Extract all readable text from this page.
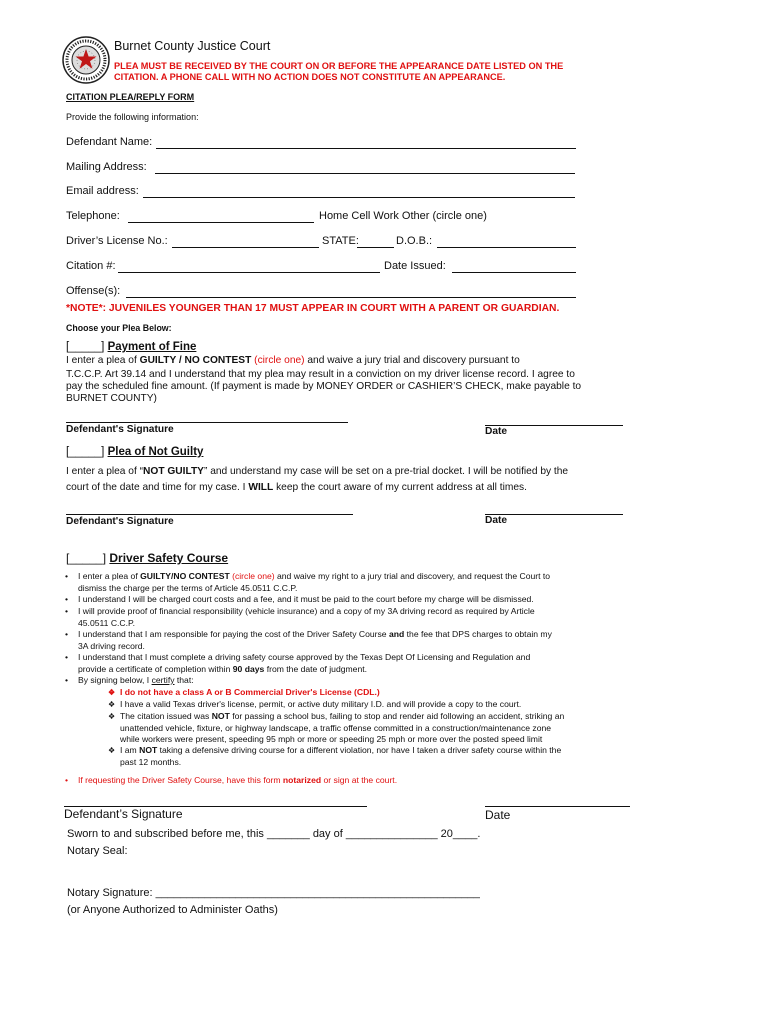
Burnet County Justice Court
PLEA MUST BE RECEIVED BY THE COURT ON OR BEFORE THE APPEARANCE DATE LISTED ON THE
CITATION. A PHONE CALL WITH NO ACTION DOES NOT CONSTITUTE AN APPEARANCE.
CITATION PLEA/REPLY FORM
Provide the following information:
Defendant Name:
Mailing Address:
Email address:
Telephone:	Home Cell Work Other (circle one)
Driver’s License No.:	STATE:	D.O.B.:
Citation #:	Date Issued:
Offense(s):
*NOTE*: JUVENILES YOUNGER THAN 17 MUST APPEAR IN COURT WITH A PARENT OR GUARDIAN.
Choose your Plea Below:
[_____] Payment of Fine
I enter a plea of GUILTY / NO CONTEST (circle one) and waive a jury trial and discovery pursuant to
T.C.C.P. Art 39.14 and I understand that my plea may result in a conviction on my driver license record. I agree to
pay the scheduled fine amount. (If payment is made by MONEY ORDER or CASHIER’S CHECK, make payable to
BURNET COUNTY)
Defendant's Signature	Date
[_____] Plea of Not Guilty
I enter a plea of “NOT GUILTY” and understand my case will be set on a pre-trial docket. I will be notified by the
court of the date and time for my case. I WILL keep the court aware of my current address at all times.
Defendant's Signature	Date
[_____] Driver Safety Course
• I enter a plea of GUILTY/NO CONTEST (circle one) and waive my right to a jury trial and discovery, and request the Court to
dismiss the charge per the terms of Article 45.0511 C.C.P.
• I understand I will be charged court costs and a fee, and it must be paid to the court before my charge will be dismissed.
• I will provide proof of financial responsibility (vehicle insurance) and a copy of my 3A driving record as required by Article
45.0511 C.C.P.
• I understand that I am responsible for paying the cost of the Driver Safety Course and the fee that DPS charges to obtain my
3A driving record.
• I understand that I must complete a driving safety course approved by the Texas Dept Of Licensing and Regulation and
provide a certificate of completion within 90 days from the date of judgment.
• By signing below, I certify that:
❖ I do not have a class A or B Commercial Driver's License (CDL.)
❖ I have a valid Texas driver's license, permit, or active duty military I.D. and will provide a copy to the court.
❖ The citation issued was NOT for passing a school bus, failing to stop and render aid following an accident, striking an
unattended vehicle, fixture, or highway landscape, a traffic offense committed in a construction/maintenance zone
while workers were present, speeding 95 mph or more or speeding 25 mph or more over the posted speed limit
❖ I am NOT taking a defensive driving course for a different violation, nor have I taken a driver safety course within the
past 12 months.
• If requesting the Driver Safety Course, have this form notarized or sign at the court.
Defendant’s Signature	Date
Sworn to and subscribed before me, this _______ day of _______________ 20____.
Notary Seal:
Notary Signature: _____________________________________________________
(or Anyone Authorized to Administer Oaths)
